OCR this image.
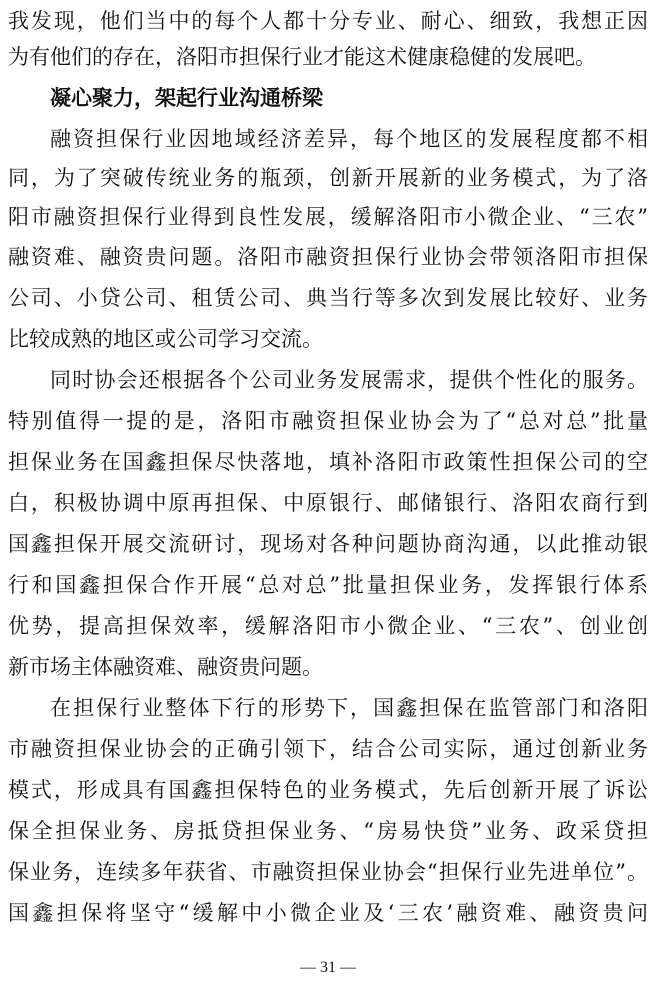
我发现，他们当中的每个人都十分专业、耐心、细致，我想正因
为有他们的存在，洛阳市担保行业才能这术健康稳健的发展吧。
凝心聚力，架起行业沟通桥梁
融资担保行业因地域经济差异，每个地区的发展程度都不相
同，为了突破传统业务的瓶颈，创新开展新的业务模式，为了洛
阳市融资担保行业得到良性发展，缓解洛阳市小微企业、“三农”
融资难、融资贵问题。洛阳市融资担保行业协会带领洛阳市担保
公司、小贷公司、租赁公司、典当行等多次到发展比较好、业务
比较成熟的地区或公司学习交流。
同时协会还根据各个公司业务发展需求，提供个性化的服务。
特别值得一提的是，洛阳市融资担保业协会为了“总对总”批量
担保业务在国鑫担保尽快落地，填补洛阳市政策性担保公司的空
白，积极协调中原再担保、中原银行、邮储银行、洛阳农商行到
国鑫担保开展交流研讨，现场对各种问题协商沟通，以此推动银
行和国鑫担保合作开展“总对总”批量担保业务，发挥银行体系
优势，提高担保效率，缓解洛阳市小微企业、“三农”、创业创
新市场主体融资难、融资贵问题。
在担保行业整体下行的形势下，国鑫担保在监管部门和洛阳
市融资担保业协会的正确引领下，结合公司实际，通过创新业务
模式，形成具有国鑫担保特色的业务模式，先后创新开展了诉讼
保全担保业务、房抵贷担保业务、“房易快贷”业务、政采贷担
保业务，连续多年获省、市融资担保业协会“担保行业先进单位”。
国鑫担保将坚守“缓解中小微企业及‘三农’融资难、融资贵问
— 31 —
